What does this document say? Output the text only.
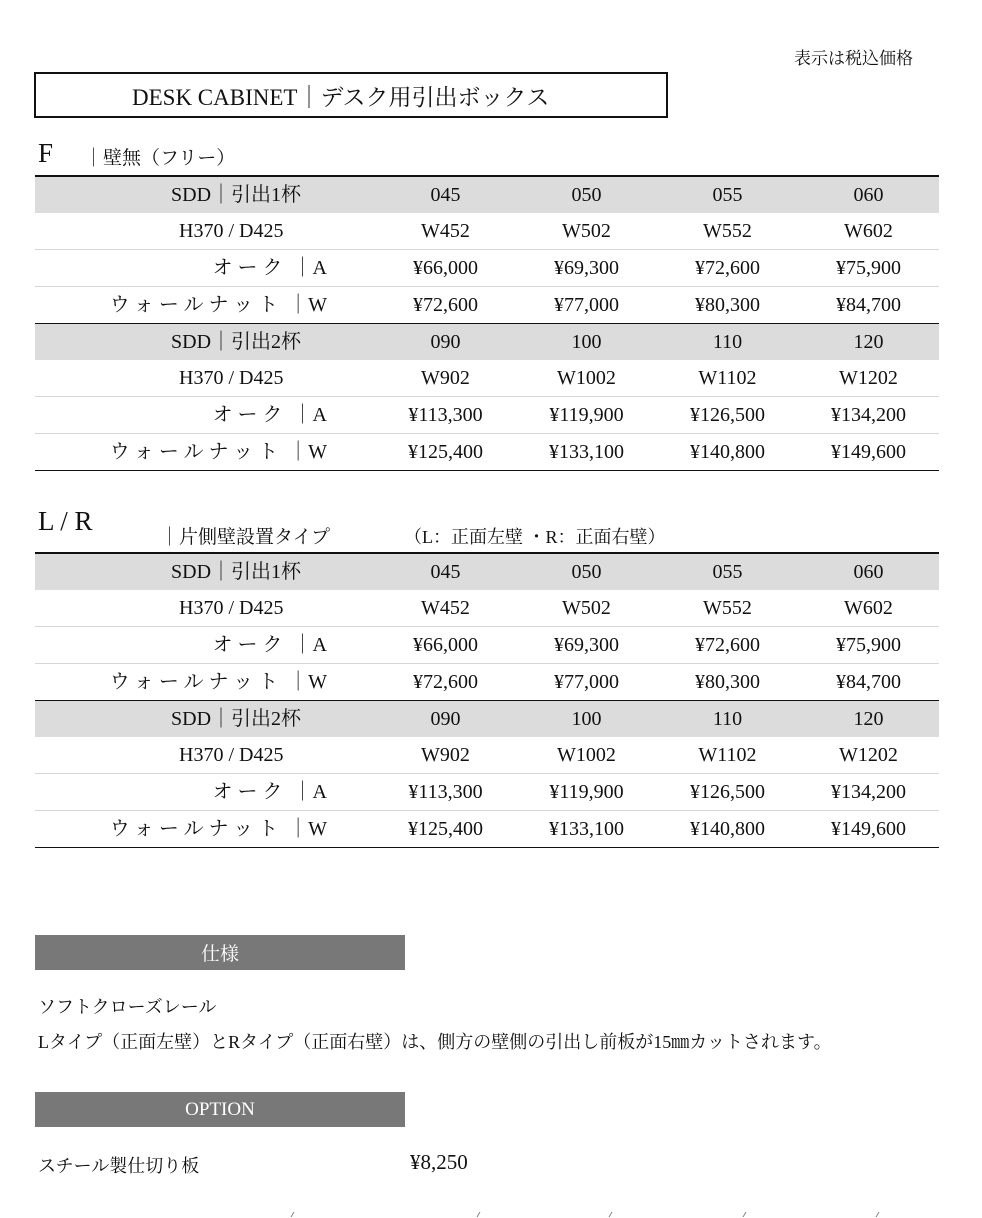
表示は税込価格
DESK CABINET｜デスク用引出ボックス
F ｜壁無（フリー）
SDD｜引出1杯	045	050	055	060
H370 / D425	W452	W502	W552	W602
オーク ｜A	¥66,000	¥69,300	¥72,600	¥75,900
ウォールナット ｜W	¥72,600	¥77,000	¥80,300	¥84,700
SDD｜引出2杯	090	100	110	120
H370 / D425	W902	W1002	W1102	W1202
オーク ｜A	¥113,300	¥119,900	¥126,500	¥134,200
ウォールナット ｜W	¥125,400	¥133,100	¥140,800	¥149,600
L / R
｜片側壁設置タイプ	（L：正面左壁 ・R：正面右壁）
SDD｜引出1杯	045	050	055	060
H370 / D425	W452	W502	W552	W602
オーク ｜A	¥66,000	¥69,300	¥72,600	¥75,900
ウォールナット ｜W	¥72,600	¥77,000	¥80,300	¥84,700
SDD｜引出2杯	090	100	110	120
H370 / D425	W902	W1002	W1102	W1202
オーク ｜A	¥113,300	¥119,900	¥126,500	¥134,200
ウォールナット ｜W	¥125,400	¥133,100	¥140,800	¥149,600
仕様
ソフトクローズレール
Lタイプ（正面左壁）とRタイプ（正面右壁）は、側方の壁側の引出し前板が15㎜カットされます。
OPTION
スチール製仕切り板	¥8,250
